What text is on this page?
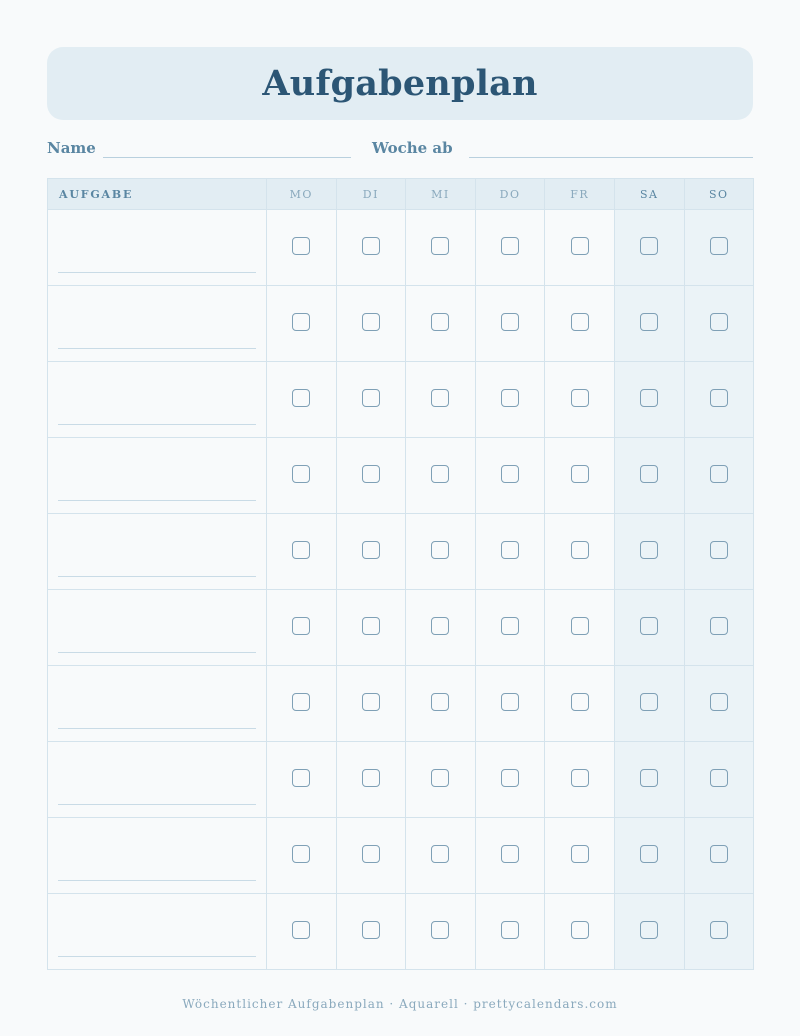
Aufgabenplan
Name	Woche ab
AUFGABE	MO	DI	MI	DO	FR	SA	SO

Wöchentlicher Aufgabenplan · Aquarell · prettycalendars.com
